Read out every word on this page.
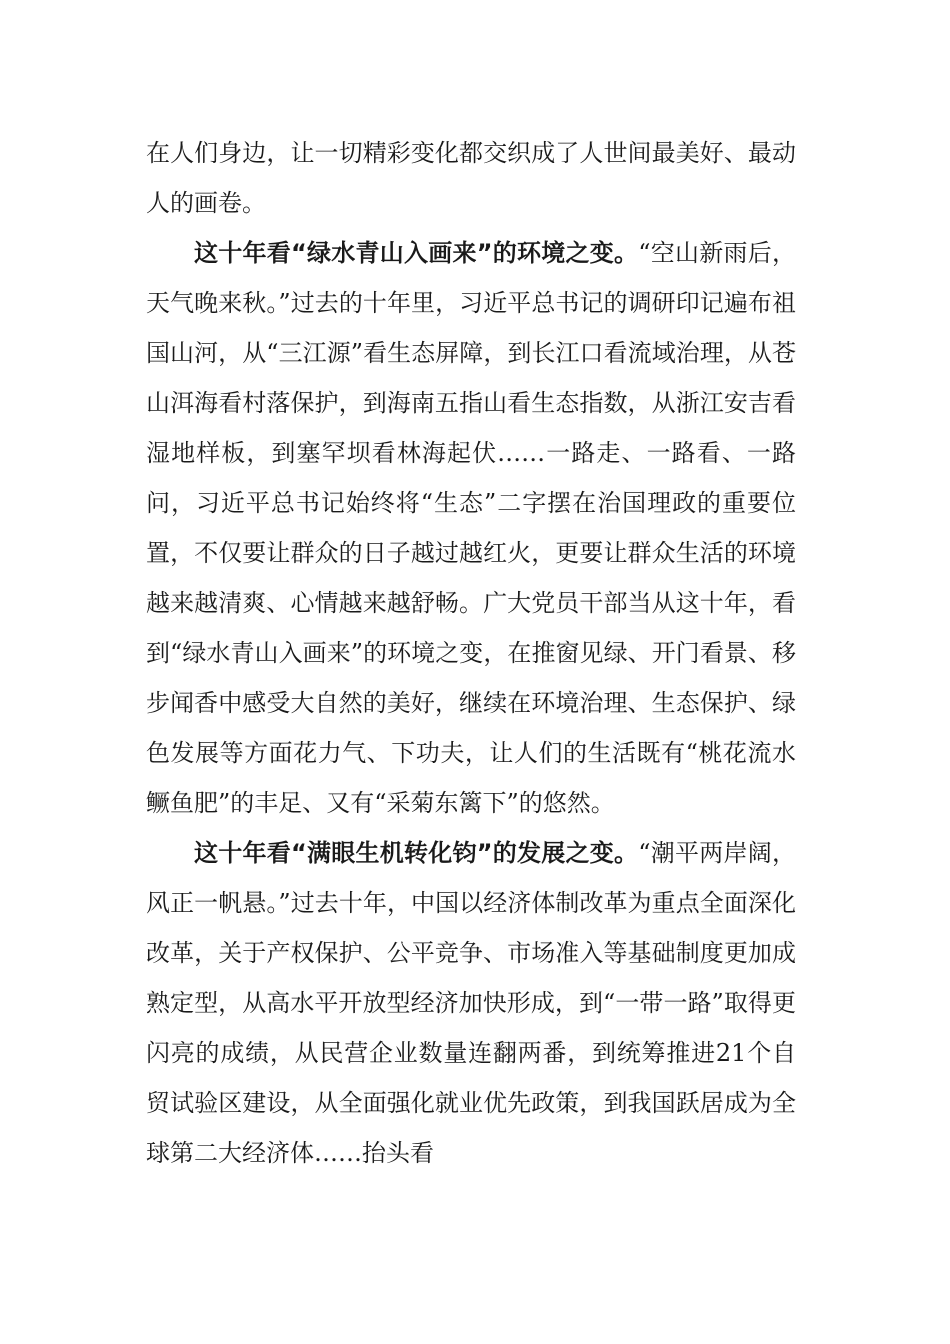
在人们身边，让一切精彩变化都交织成了人世间最美好、最动人的画卷。

这十年看“绿水青山入画来”的环境之变。“空山新雨后，天气晚来秋。”过去的十年里，习近平总书记的调研印记遍布祖国山河，从“三江源”看生态屏障，到长江口看流域治理，从苍山洱海看村落保护，到海南五指山看生态指数，从浙江安吉看湿地样板，到塞罕坝看林海起伏……一路走、一路看、一路问，习近平总书记始终将“生态”二字摆在治国理政的重要位置，不仅要让群众的日子越过越红火，更要让群众生活的环境越来越清爽、心情越来越舒畅。广大党员干部当从这十年，看到“绿水青山入画来”的环境之变，在推窗见绿、开门看景、移步闻香中感受大自然的美好，继续在环境治理、生态保护、绿色发展等方面花力气、下功夫，让人们的生活既有“桃花流水鳜鱼肥”的丰足、又有“采菊东篱下”的悠然。

这十年看“满眼生机转化钧”的发展之变。“潮平两岸阔，风正一帆悬。”过去十年，中国以经济体制改革为重点全面深化改革，关于产权保护、公平竞争、市场准入等基础制度更加成熟定型，从高水平开放型经济加快形成，到“一带一路”取得更闪亮的成绩，从民营企业数量连翻两番，到统筹推进21个自贸试验区建设，从全面强化就业优先政策，到我国跃居成为全球第二大经济体……抬头看
